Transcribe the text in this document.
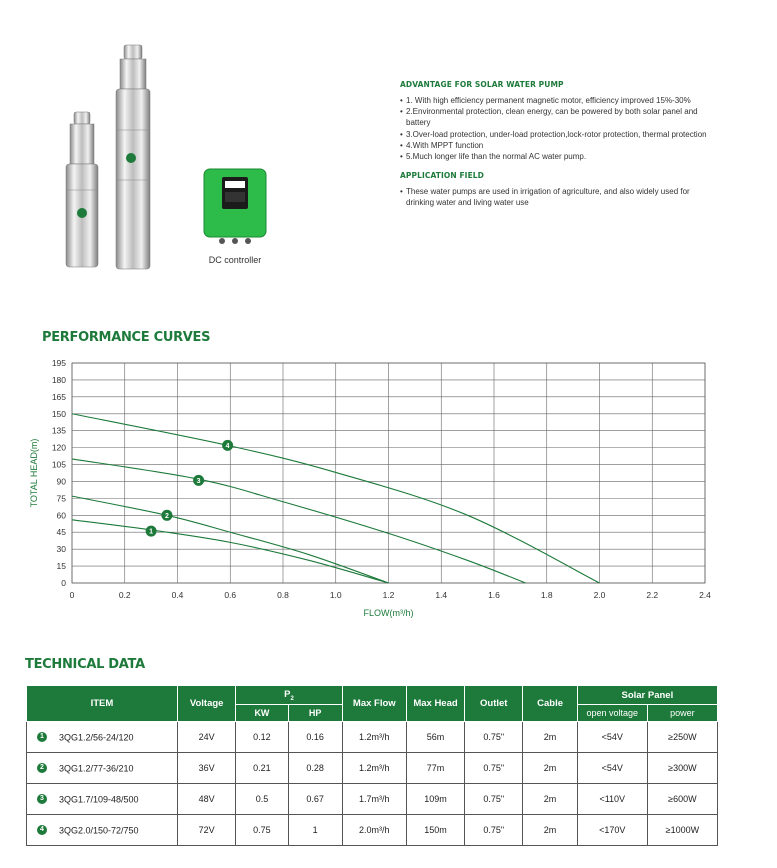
DC controller

ADVANTAGE FOR SOLAR WATER PUMP

• 1. With high efficiency permanent magnetic motor, efficiency improved 15%-30%
• 2.Environmental protection, clean energy, can be powered by both solar panel and battery
• 3.Over-load protection, under-load protection,lock-rotor protection, thermal protection
• 4.With MPPT function
• 5.Much longer life than the normal AC water pump.

APPLICATION FIELD

• These water pumps are used in irrigation of agriculture, and also widely used for drinking water and living water use

PERFORMANCE CURVES

0	0.2	0.4	0.6	0.8	1.0	1.2	1.4	1.6	1.8	2.0	2.2	2.4
0
15
30
45
60
75
90
105
120
135
150
165
180
195
FLOW(m³/h)
TOTAL HEAD(m)
1
2
3
4

TECHNICAL DATA

ITEM	Voltage	$P_2$		Max Flow	Max Head	Outlet	Cable	Solar Panel	
		KW	HP					open voltage	power
1 3QG1.2/56-24/120	24V	0.12	0.16	1.2m³/h	56m	0.75"	2m	<54V	≥250W
2 3QG1.2/77-36/210	36V	0.21	0.28	1.2m³/h	77m	0.75"	2m	<54V	≥300W
3 3QG1.7/109-48/500	48V	0.5	0.67	1.7m³/h	109m	0.75"	2m	<110V	≥600W
4 3QG2.0/150-72/750	72V	0.75	1	2.0m³/h	150m	0.75"	2m	<170V	≥1000W
